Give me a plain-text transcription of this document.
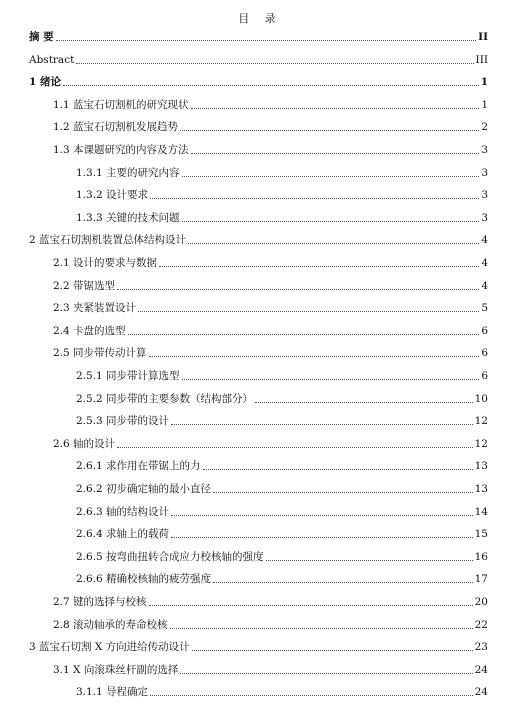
目 录
摘 要	II
Abstract	III
1 绪论	1
1.1 蓝宝石切割机的研究现状	1
1.2 蓝宝石切割机发展趋势	2
1.3 本课题研究的内容及方法	3
1.3.1 主要的研究内容	3
1.3.2 设计要求	3
1.3.3 关键的技术问题	3
2 蓝宝石切割机装置总体结构设计	4
2.1 设计的要求与数据	4
2.2 带锯选型	4
2.3 夹紧装置设计	5
2.4 卡盘的选型	6
2.5 同步带传动计算	6
2.5.1 同步带计算选型	6
2.5.2 同步带的主要参数（结构部分）	10
2.5.3 同步带的设计	12
2.6 轴的设计	12
2.6.1 求作用在带锯上的力	13
2.6.2 初步确定轴的最小直径	13
2.6.3 轴的结构设计	14
2.6.4 求轴上的载荷	15
2.6.5 按弯曲扭转合成应力校核轴的强度	16
2.6.6 精确校核轴的疲劳强度	17
2.7 键的选择与校核	20
2.8 滚动轴承的寿命校核	22
3 蓝宝石切割 X 方向进给传动设计	23
3.1 X 向滚珠丝杆副的选择	24
3.1.1 导程确定	24
